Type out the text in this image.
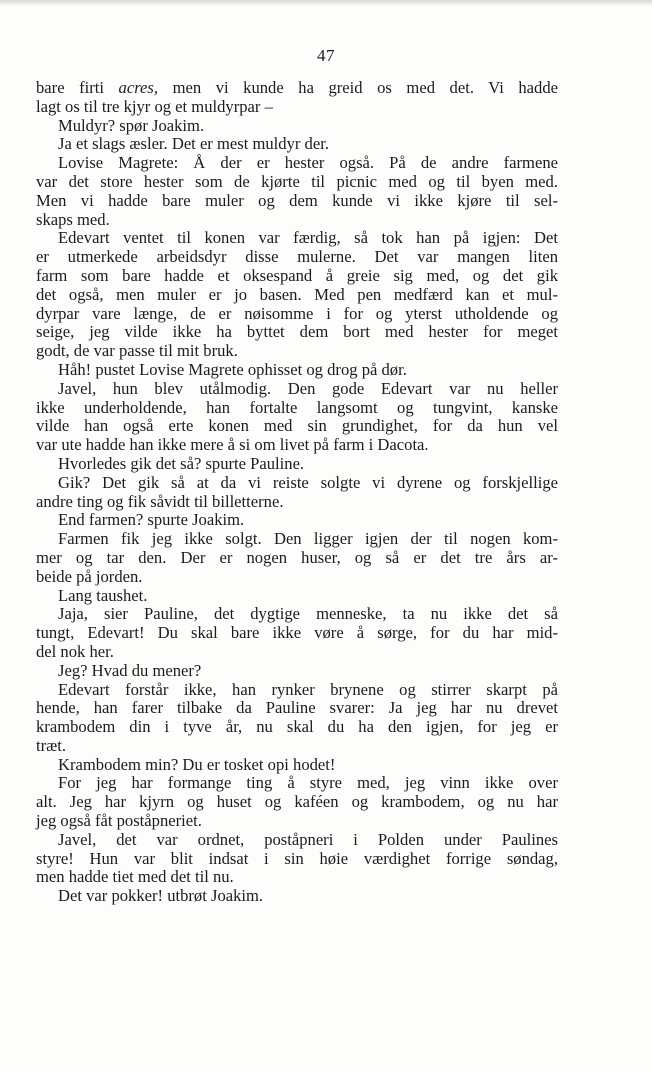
47
bare firti acres, men vi kunde ha greid os med det. Vi hadde
lagt os til tre kjyr og et muldyrpar –
Muldyr? spør Joakim.
Ja et slags æsler. Det er mest muldyr der.
Lovise Magrete: Å der er hester også. På de andre farmene
var det store hester som de kjørte til picnic med og til byen med.
Men vi hadde bare muler og dem kunde vi ikke kjøre til sel-
skaps med.
Edevart ventet til konen var færdig, så tok han på igjen: Det
er utmerkede arbeidsdyr disse mulerne. Det var mangen liten
farm som bare hadde et oksespand å greie sig med, og det gik
det også, men muler er jo basen. Med pen medfærd kan et mul-
dyrpar vare længe, de er nøisomme i for og yterst utholdende og
seige, jeg vilde ikke ha byttet dem bort med hester for meget
godt, de var passe til mit bruk.
Håh! pustet Lovise Magrete ophisset og drog på dør.
Javel, hun blev utålmodig. Den gode Edevart var nu heller
ikke underholdende, han fortalte langsomt og tungvint, kanske
vilde han også erte konen med sin grundighet, for da hun vel
var ute hadde han ikke mere å si om livet på farm i Dacota.
Hvorledes gik det så? spurte Pauline.
Gik? Det gik så at da vi reiste solgte vi dyrene og forskjellige
andre ting og fik såvidt til billetterne.
End farmen? spurte Joakim.
Farmen fik jeg ikke solgt. Den ligger igjen der til nogen kom-
mer og tar den. Der er nogen huser, og så er det tre års ar-
beide på jorden.
Lang taushet.
Jaja, sier Pauline, det dygtige menneske, ta nu ikke det så
tungt, Edevart! Du skal bare ikke vøre å sørge, for du har mid-
del nok her.
Jeg? Hvad du mener?
Edevart forstår ikke, han rynker brynene og stirrer skarpt på
hende, han farer tilbake da Pauline svarer: Ja jeg har nu drevet
krambodem din i tyve år, nu skal du ha den igjen, for jeg er
træt.
Krambodem min? Du er tosket opi hodet!
For jeg har formange ting å styre med, jeg vinn ikke over
alt. Jeg har kjyrn og huset og kaféen og krambodem, og nu har
jeg også fåt poståpneriet.
Javel, det var ordnet, poståpneri i Polden under Paulines
styre! Hun var blit indsat i sin høie værdighet forrige søndag,
men hadde tiet med det til nu.
Det var pokker! utbrøt Joakim.
